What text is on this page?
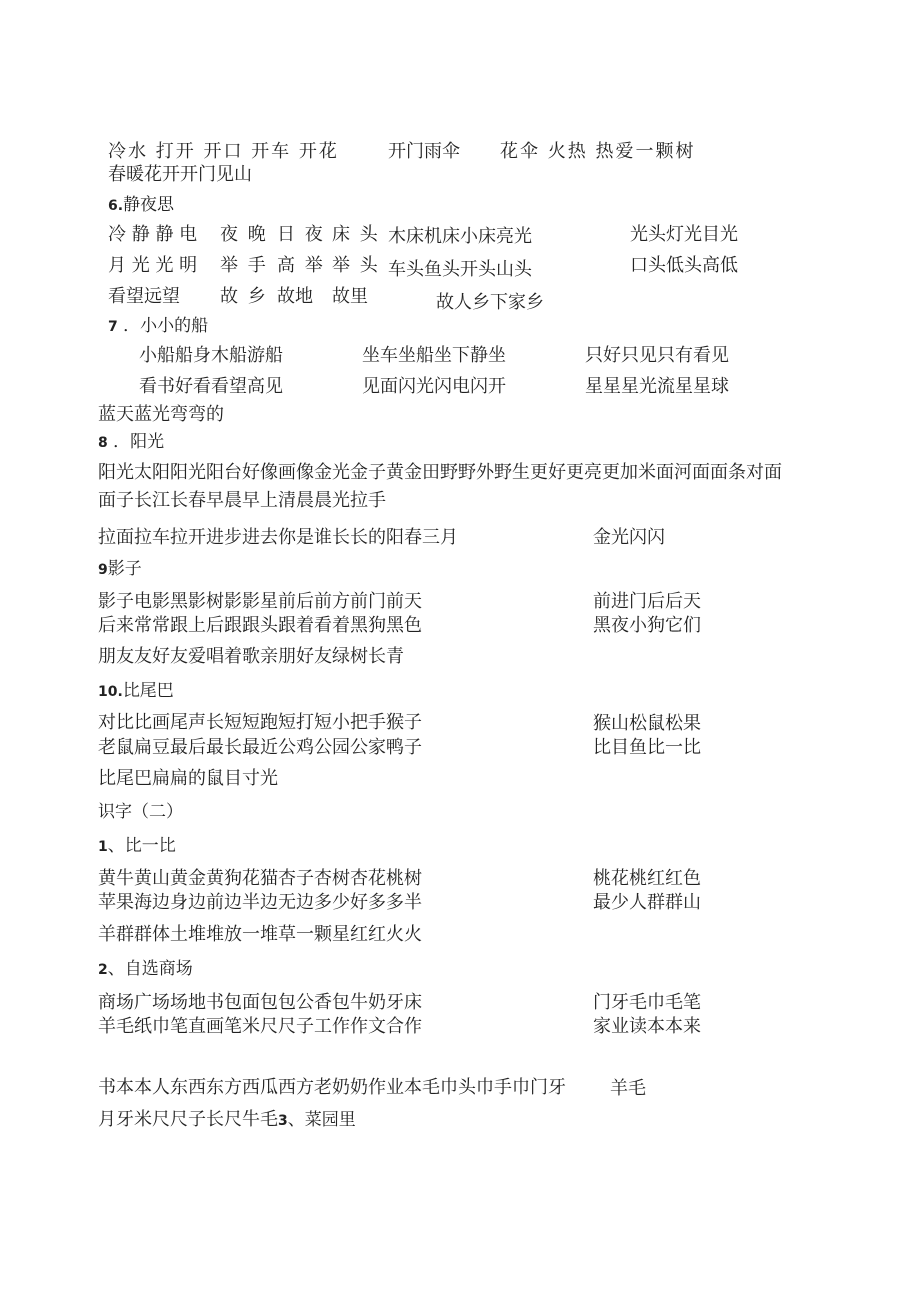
冷水 打开 开口 开车 开花	开门雨伞 花伞 火热 热爱一颗树
春暖花开开门见山
6.静夜思
冷 静 静 电 夜 晚 日 夜 床 头 木床机床小床亮光	光头灯光目光
月 光 光 明 举 手 高 举 举 头 车头鱼头开头山头	口头低头高低
看望远望 故 乡 故地 故里	故人乡下家乡
7 ．小小的船
小船船身木船游船	坐车坐船坐下静坐	只好只见只有看见
看书好看看望高见	见面闪光闪电闪开	星星星光流星星球
蓝天蓝光弯弯的
8 ．阳光
阳光太阳阳光阳台好像画像金光金子黄金田野野外野生更好更亮更加米面河面面条对面
面子长江长春早晨早上清晨晨光拉手
拉面拉车拉开进步进去你是谁长长的阳春三月	金光闪闪
9影子
影子电影黑影树影影星前后前方前门前天	前进门后后天
后来常常跟上后跟跟头跟着看着黑狗黑色	黑夜小狗它们
朋友友好友爱唱着歌亲朋好友绿树长青
10.比尾巴
对比比画尾声长短短跑短打短小把手猴子	猴山松鼠松果
老鼠扁豆最后最长最近公鸡公园公家鸭子	比目鱼比一比
比尾巴扁扁的鼠目寸光
识字（二）
1、比一比
黄牛黄山黄金黄狗花猫杏子杏树杏花桃树	桃花桃红红色
苹果海边身边前边半边无边多少好多多半	最少人群群山
羊群群体土堆堆放一堆草一颗星红红火火
2、自选商场
商场广场场地书包面包包公香包牛奶牙床	门牙毛巾毛笔
羊毛纸巾笔直画笔米尺尺子工作作文合作	家业读本本来
书本本人东西东方西瓜西方老奶奶作业本毛巾头巾手巾门牙 羊毛
月牙米尺尺子长尺牛毛3、菜园里
